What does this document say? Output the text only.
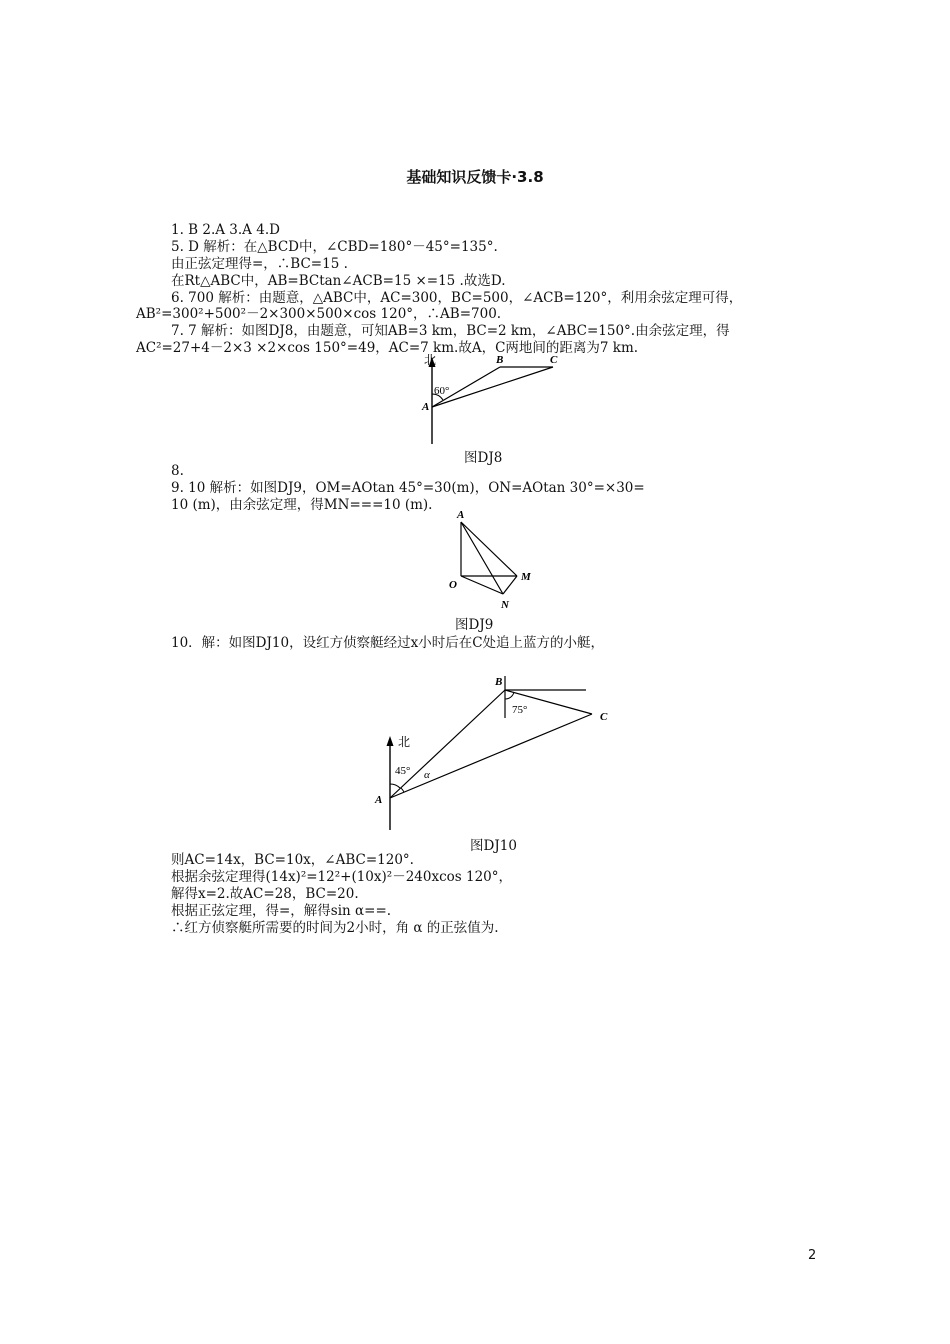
基础知识反馈卡·3.8
1. B 2.A 3.A 4.D
5. D 解析：在△BCD中，∠CBD=180°－45°=135°.
由正弦定理得=，∴BC=15 .
在Rt△ABC中，AB=BCtan∠ACB=15 ×=15 .故选D.
6. 700 解析：由题意，△ABC中，AC=300，BC=500，∠ACB=120°，利用余弦定理可得，
AB²=300²+500²－2×300×500×cos 120°，∴AB=700.
7. 7 解析：如图DJ8，由题意，可知AB=3 km，BC=2 km，∠ABC=150°.由余弦定理，得
AC²=27+4－2×3 ×2×cos 150°=49，AC=7 km.故A，C两地间的距离为7 km.
北
60°
A
B	C
图DJ8
8.
9. 10 解析：如图DJ9，OM=AOtan 45°=30(m)，ON=AOtan 30°=×30=
10 (m)，由余弦定理，得MN===10 (m).
A
O
M
N
图DJ9
10．解：如图DJ10，设红方侦察艇经过x小时后在C处追上蓝方的小艇，
北
45° α
75°
A
B
C
图DJ10
则AC=14x，BC=10x，∠ABC=120°.
根据余弦定理得(14x)²=12²+(10x)²－240xcos 120°，
解得x=2.故AC=28，BC=20.
根据正弦定理，得=，解得sin α==.
∴红方侦察艇所需要的时间为2小时，角 α 的正弦值为.
2
